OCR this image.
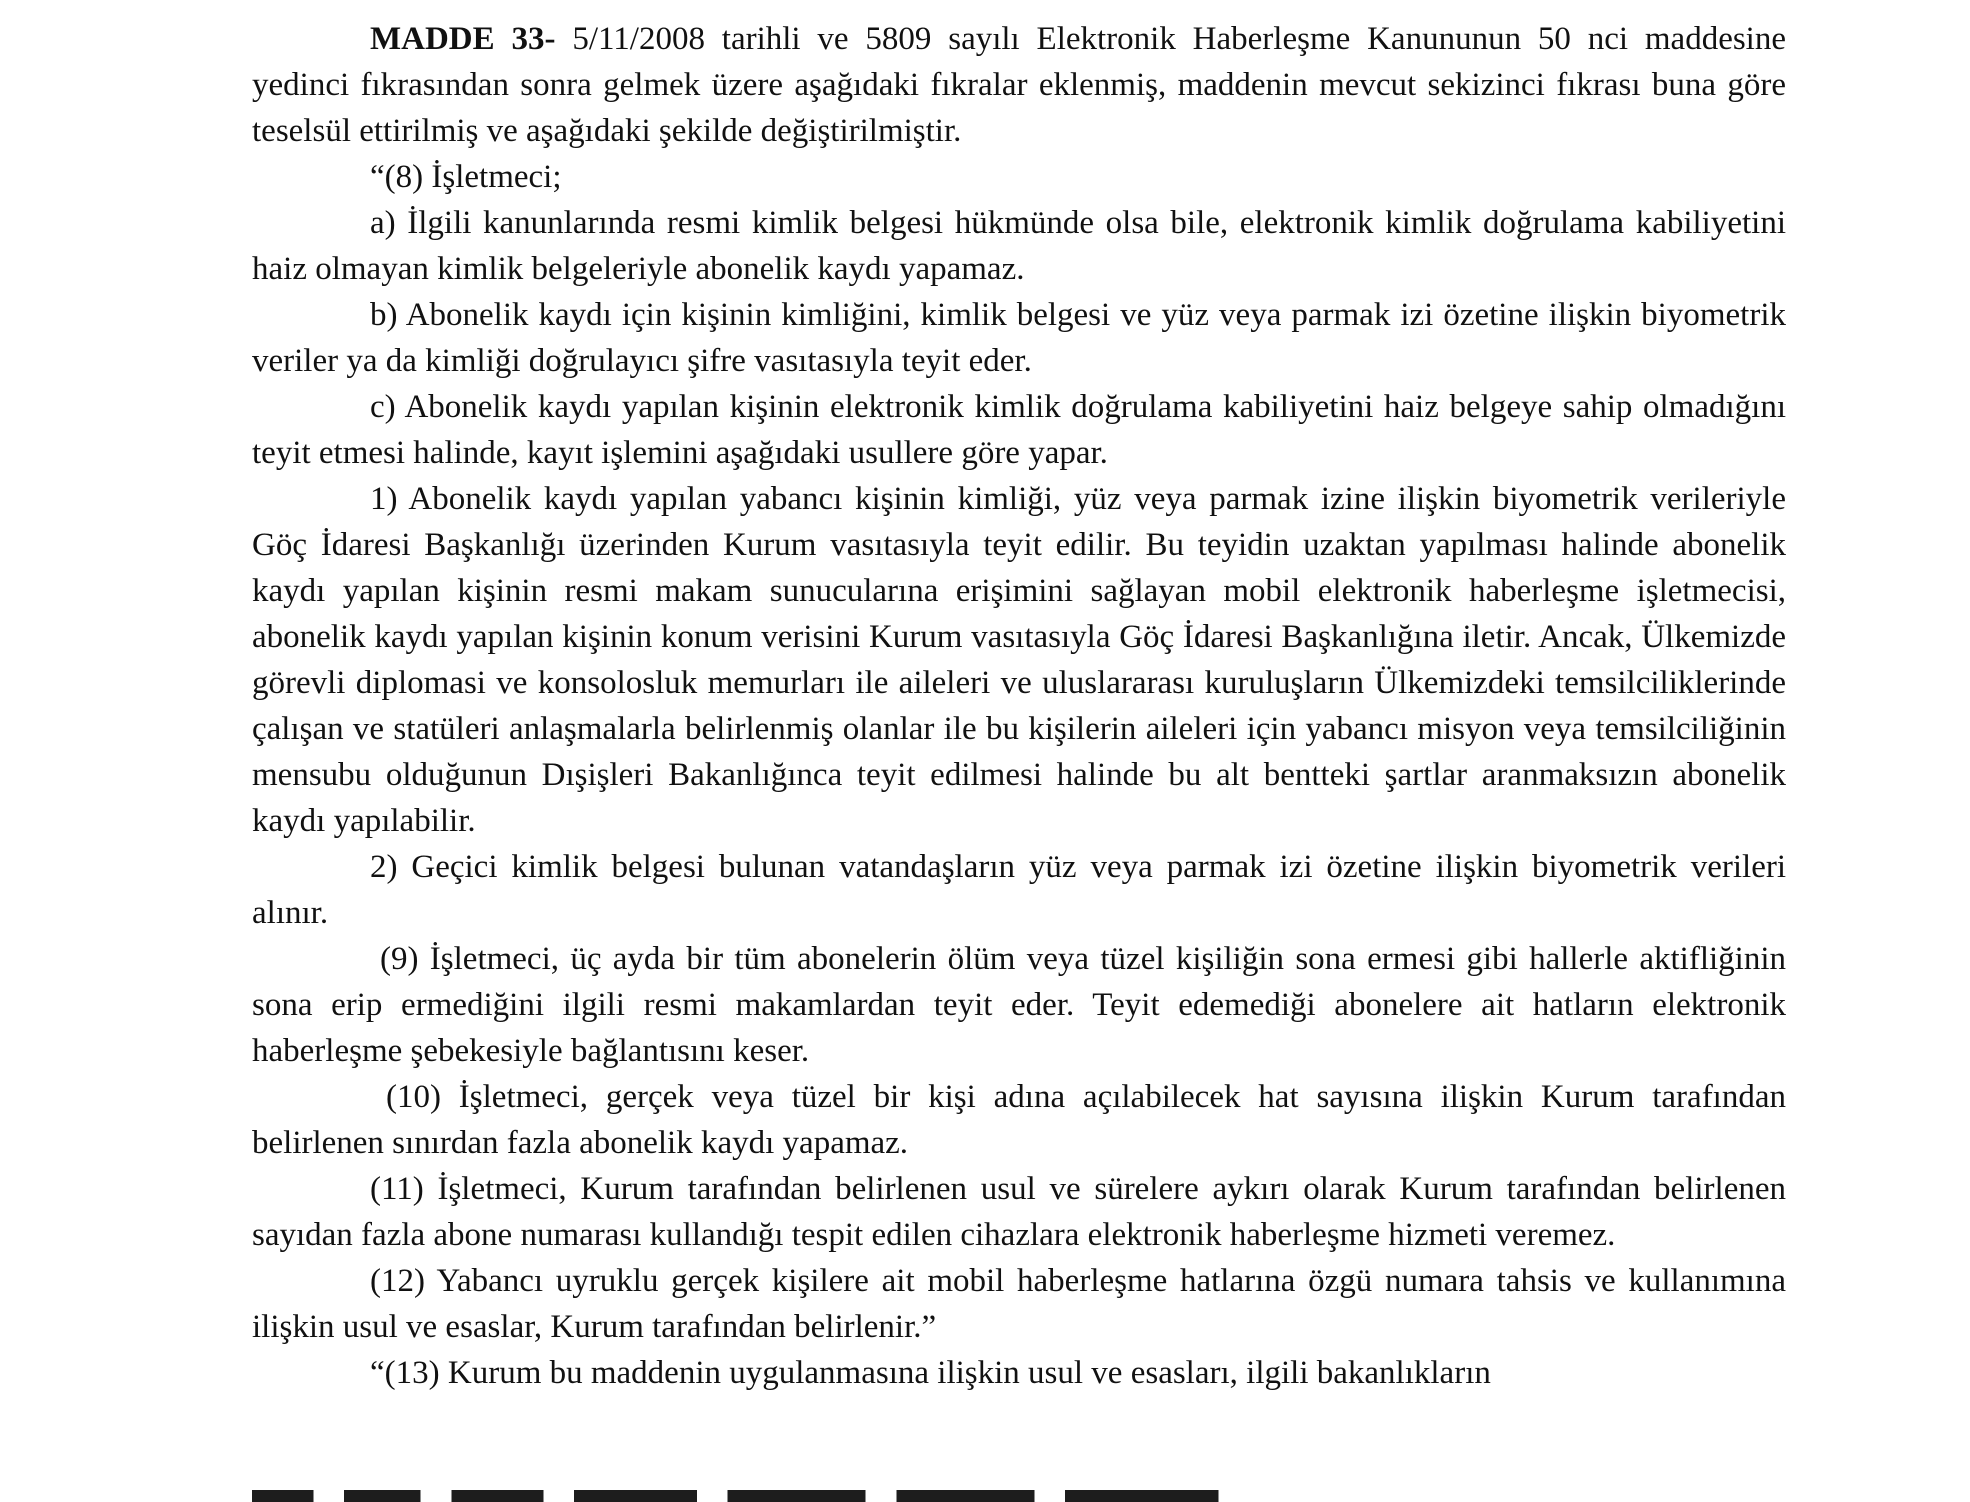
MADDE 33- 5/11/2008 tarihli ve 5809 sayılı Elektronik Haberleşme Kanununun 50 nci maddesine yedinci fıkrasından sonra gelmek üzere aşağıdaki fıkralar eklenmiş, maddenin mevcut sekizinci fıkrası buna göre teselsül ettirilmiş ve aşağıdaki şekilde değiştirilmiştir.

“(8) İşletmeci;

a) İlgili kanunlarında resmi kimlik belgesi hükmünde olsa bile, elektronik kimlik doğrulama kabiliyetini haiz olmayan kimlik belgeleriyle abonelik kaydı yapamaz.

b) Abonelik kaydı için kişinin kimliğini, kimlik belgesi ve yüz veya parmak izi özetine ilişkin biyometrik veriler ya da kimliği doğrulayıcı şifre vasıtasıyla teyit eder.

c) Abonelik kaydı yapılan kişinin elektronik kimlik doğrulama kabiliyetini haiz belgeye sahip olmadığını teyit etmesi halinde, kayıt işlemini aşağıdaki usullere göre yapar.

1) Abonelik kaydı yapılan yabancı kişinin kimliği, yüz veya parmak izine ilişkin biyometrik verileriyle Göç İdaresi Başkanlığı üzerinden Kurum vasıtasıyla teyit edilir. Bu teyidin uzaktan yapılması halinde abonelik kaydı yapılan kişinin resmi makam sunucularına erişimini sağlayan mobil elektronik haberleşme işletmecisi, abonelik kaydı yapılan kişinin konum verisini Kurum vasıtasıyla Göç İdaresi Başkanlığına iletir. Ancak, Ülkemizde görevli diplomasi ve konsolosluk memurları ile aileleri ve uluslararası kuruluşların Ülkemizdeki temsilciliklerinde çalışan ve statüleri anlaşmalarla belirlenmiş olanlar ile bu kişilerin aileleri için yabancı misyon veya temsilciliğinin mensubu olduğunun Dışişleri Bakanlığınca teyit edilmesi halinde bu alt bentteki şartlar aranmaksızın abonelik kaydı yapılabilir.

2) Geçici kimlik belgesi bulunan vatandaşların yüz veya parmak izi özetine ilişkin biyometrik verileri alınır.

(9) İşletmeci, üç ayda bir tüm abonelerin ölüm veya tüzel kişiliğin sona ermesi gibi hallerle aktifliğinin sona erip ermediğini ilgili resmi makamlardan teyit eder. Teyit edemediği abonelere ait hatların elektronik haberleşme şebekesiyle bağlantısını keser.

(10) İşletmeci, gerçek veya tüzel bir kişi adına açılabilecek hat sayısına ilişkin Kurum tarafından belirlenen sınırdan fazla abonelik kaydı yapamaz.

(11) İşletmeci, Kurum tarafından belirlenen usul ve sürelere aykırı olarak Kurum tarafından belirlenen sayıdan fazla abone numarası kullandığı tespit edilen cihazlara elektronik haberleşme hizmeti veremez.

(12) Yabancı uyruklu gerçek kişilere ait mobil haberleşme hatlarına özgü numara tahsis ve kullanımına ilişkin usul ve esaslar, Kurum tarafından belirlenir.”

“(13) Kurum bu maddenin uygulanmasına ilişkin usul ve esasları, ilgili bakanlıkların
